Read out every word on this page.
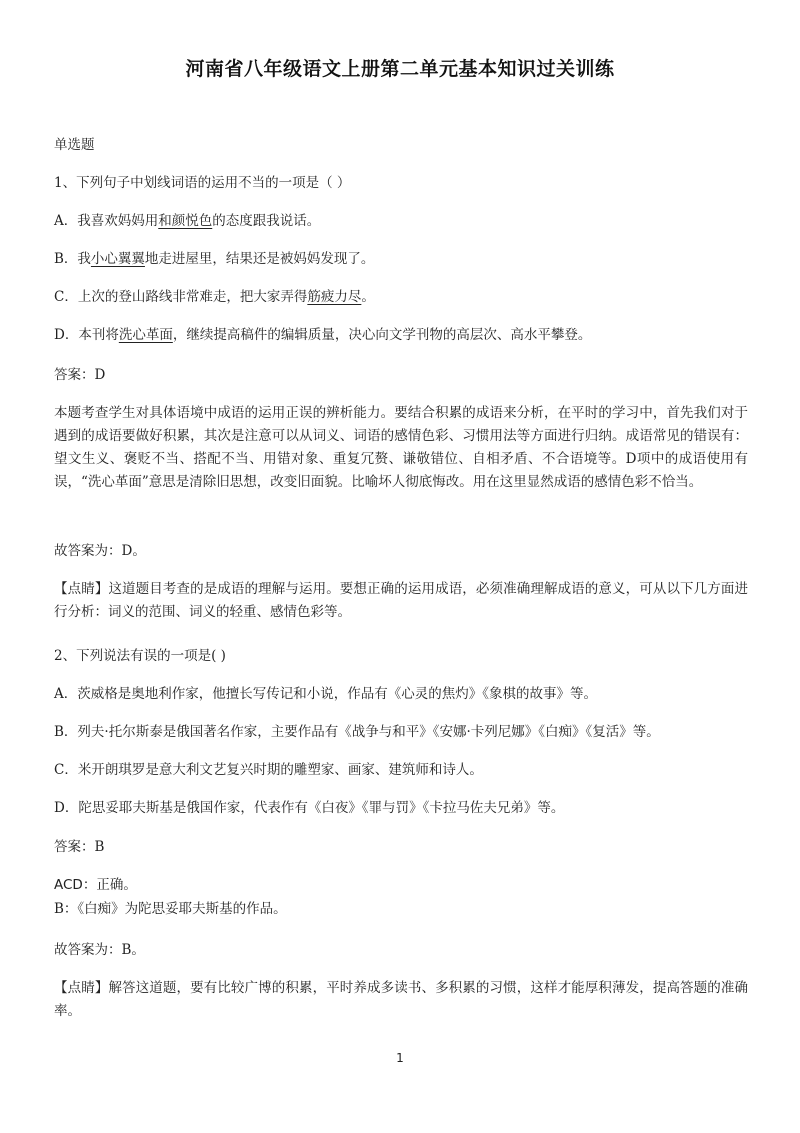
河南省八年级语文上册第二单元基本知识过关训练
单选题
1、下列句子中划线词语的运用不当的一项是（ ）
A．我喜欢妈妈用和颜悦色的态度跟我说话。
B．我小心翼翼地走进屋里，结果还是被妈妈发现了。
C．上次的登山路线非常难走，把大家弄得筋疲力尽。
D．本刊将洗心革面，继续提高稿件的编辑质量，决心向文学刊物的高层次、高水平攀登。
答案：D
本题考查学生对具体语境中成语的运用正误的辨析能力。要结合积累的成语来分析，在平时的学习中，首先我们对于遇到的成语要做好积累，其次是注意可以从词义、词语的感情色彩、习惯用法等方面进行归纳。成语常见的错误有：望文生义、褒贬不当、搭配不当、用错对象、重复冗赘、谦敬错位、自相矛盾、不合语境等。D项中的成语使用有误，“洗心革面”意思是清除旧思想，改变旧面貌。比喻坏人彻底悔改。用在这里显然成语的感情色彩不恰当。
故答案为：D。
【点睛】这道题目考查的是成语的理解与运用。要想正确的运用成语，必须准确理解成语的意义，可从以下几方面进行分析：词义的范围、词义的轻重、感情色彩等。
2、下列说法有误的一项是( )
A．茨威格是奥地利作家，他擅长写传记和小说，作品有《心灵的焦灼》《象棋的故事》等。
B．列夫·托尔斯泰是俄国著名作家，主要作品有《战争与和平》《安娜·卡列尼娜》《白痴》《复活》等。
C．米开朗琪罗是意大利文艺复兴时期的雕塑家、画家、建筑师和诗人。
D．陀思妥耶夫斯基是俄国作家，代表作有《白夜》《罪与罚》《卡拉马佐夫兄弟》等。
答案：B
ACD：正确。
B：《白痴》为陀思妥耶夫斯基的作品。
故答案为：B。
【点睛】解答这道题，要有比较广博的积累，平时养成多读书、多积累的习惯，这样才能厚积薄发，提高答题的准确率。
1
